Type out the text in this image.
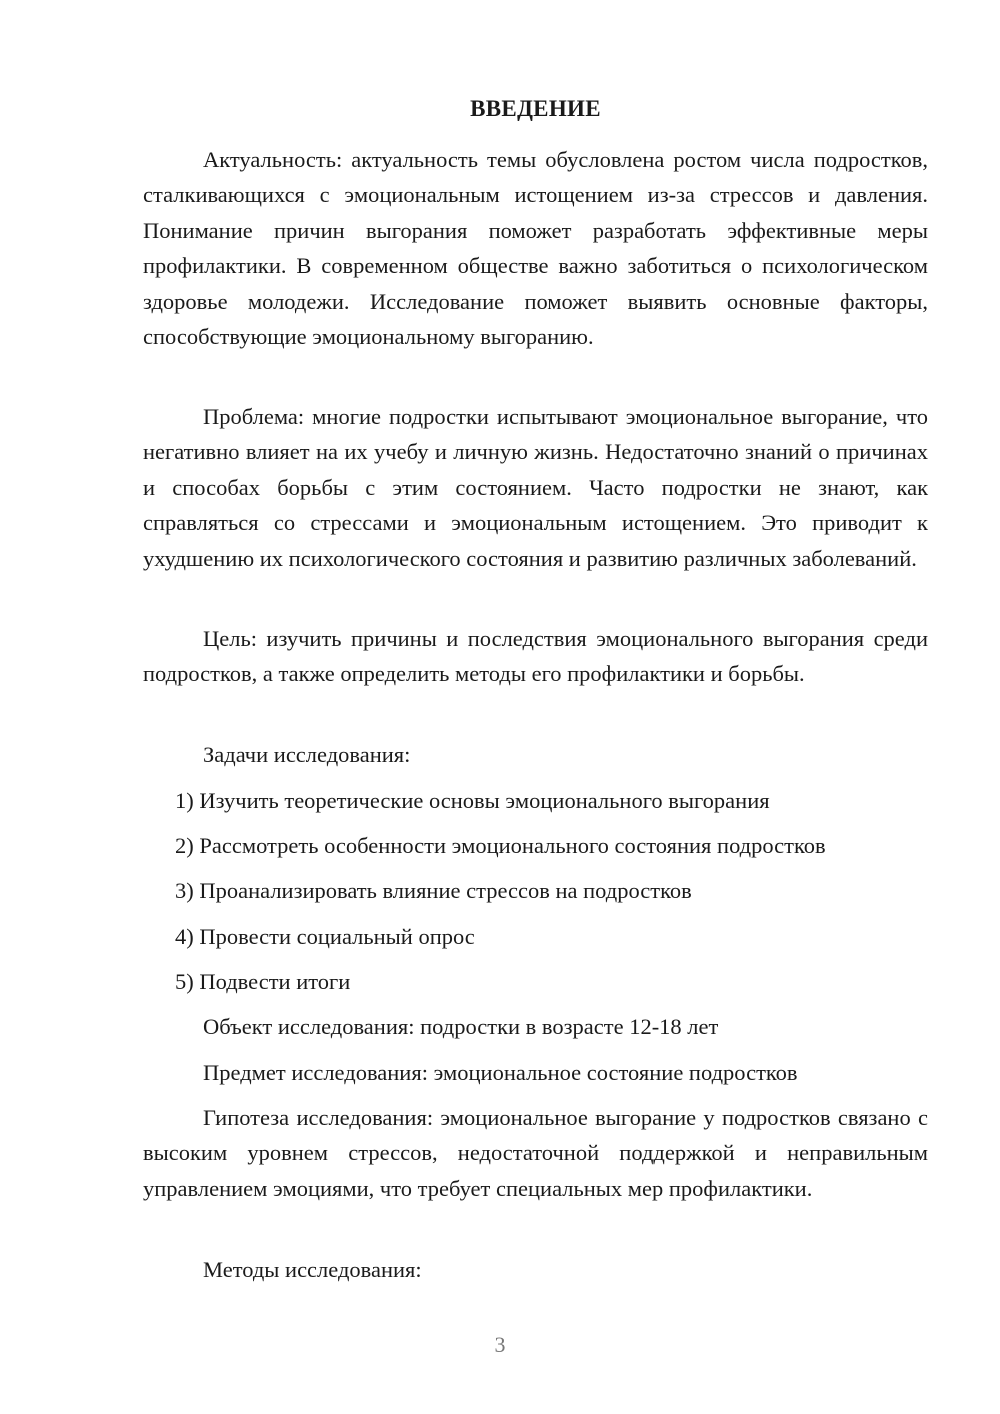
ВВЕДЕНИЕ

Актуальность: актуальность темы обусловлена ростом числа подростков, сталкивающихся с эмоциональным истощением из-за стрессов и давления. Понимание причин выгорания поможет разработать эффективные меры профилактики. В современном обществе важно заботиться о психологическом здоровье молодежи. Исследование поможет выявить основные факторы, способствующие эмоциональному выгоранию.

Проблема: многие подростки испытывают эмоциональное выгорание, что негативно влияет на их учебу и личную жизнь. Недостаточно знаний о причинах и способах борьбы с этим состоянием. Часто подростки не знают, как справляться со стрессами и эмоциональным истощением. Это приводит к ухудшению их психологического состояния и развитию различных заболеваний.

Цель: изучить причины и последствия эмоционального выгорания среди подростков, а также определить методы его профилактики и борьбы.

Задачи исследования:
1) Изучить теоретические основы эмоционального выгорания
2) Рассмотреть особенности эмоционального состояния подростков
3) Проанализировать влияние стрессов на подростков
4) Провести социальный опрос
5) Подвести итоги
Объект исследования: подростки в возрасте 12-18 лет
Предмет исследования: эмоциональное состояние подростков

Гипотеза исследования: эмоциональное выгорание у подростков связано с высоким уровнем стрессов, недостаточной поддержкой и неправильным управлением эмоциями, что требует специальных мер профилактики.

Методы исследования:
3
